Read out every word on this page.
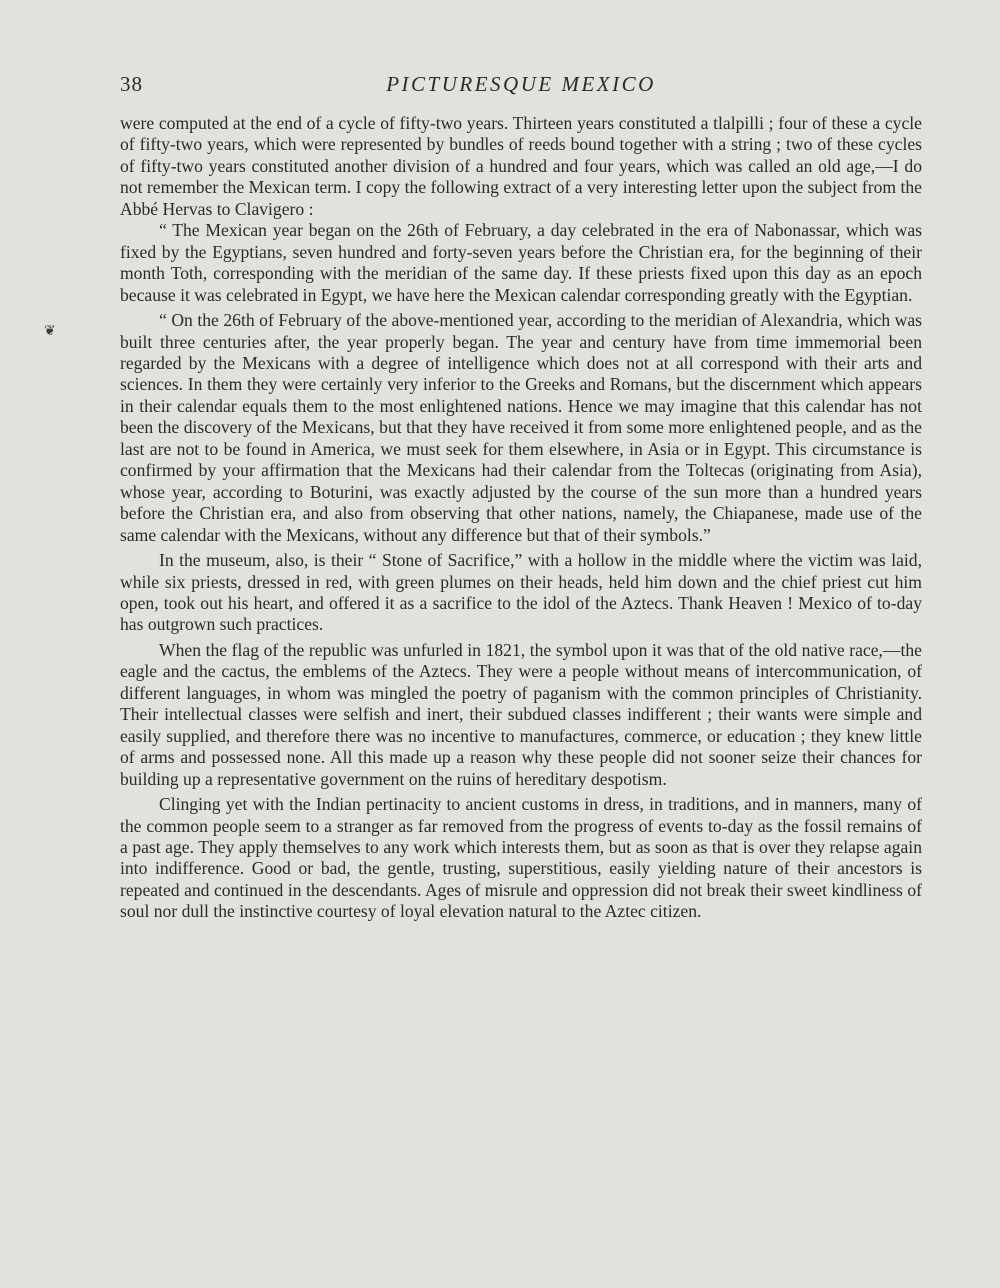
38	PICTURESQUE MEXICO
❦

were computed at the end of a cycle of fifty-two years. Thirteen years constituted a tlalpilli ; four of these a cycle of fifty-two years, which were represented by bundles of reeds bound together with a string ; two of these cycles of fifty-two years constituted another division of a hundred and four years, which was called an old age,—I do not remember the Mexican term. I copy the following extract of a very interesting letter upon the subject from the Abbé Hervas to Clavigero :

“ The Mexican year began on the 26th of February, a day celebrated in the era of Nabonassar, which was fixed by the Egyptians, seven hundred and forty-seven years before the Christian era, for the beginning of their month Toth, corresponding with the meridian of the same day. If these priests fixed upon this day as an epoch because it was celebrated in Egypt, we have here the Mexican calendar corresponding greatly with the Egyptian.

“ On the 26th of February of the above-mentioned year, according to the meridian of Alexandria, which was built three centuries after, the year properly began. The year and century have from time immemorial been regarded by the Mexicans with a degree of intelligence which does not at all correspond with their arts and sciences. In them they were certainly very inferior to the Greeks and Romans, but the discernment which appears in their calendar equals them to the most enlightened nations. Hence we may imagine that this calendar has not been the discovery of the Mexicans, but that they have received it from some more enlightened people, and as the last are not to be found in America, we must seek for them elsewhere, in Asia or in Egypt. This circumstance is confirmed by your affirmation that the Mexicans had their calendar from the Toltecas (originating from Asia), whose year, according to Boturini, was exactly adjusted by the course of the sun more than a hundred years before the Christian era, and also from observing that other nations, namely, the Chiapanese, made use of the same calendar with the Mexicans, without any difference but that of their symbols.”

In the museum, also, is their “ Stone of Sacrifice,” with a hollow in the middle where the victim was laid, while six priests, dressed in red, with green plumes on their heads, held him down and the chief priest cut him open, took out his heart, and offered it as a sacrifice to the idol of the Aztecs. Thank Heaven ! Mexico of to-day has outgrown such practices.

When the flag of the republic was unfurled in 1821, the symbol upon it was that of the old native race,—the eagle and the cactus, the emblems of the Aztecs. They were a people without means of intercommunication, of different languages, in whom was mingled the poetry of paganism with the common principles of Christianity. Their intellectual classes were selfish and inert, their subdued classes indifferent ; their wants were simple and easily supplied, and therefore there was no incentive to manufactures, commerce, or education ; they knew little of arms and possessed none. All this made up a reason why these people did not sooner seize their chances for building up a representative government on the ruins of hereditary despotism.

Clinging yet with the Indian pertinacity to ancient customs in dress, in traditions, and in manners, many of the common people seem to a stranger as far removed from the progress of events to-day as the fossil remains of a past age. They apply themselves to any work which interests them, but as soon as that is over they relapse again into indifference. Good or bad, the gentle, trusting, superstitious, easily yielding nature of their ancestors is repeated and continued in the descendants. Ages of misrule and oppression did not break their sweet kindliness of soul nor dull the instinctive courtesy of loyal elevation natural to the Aztec citizen.
